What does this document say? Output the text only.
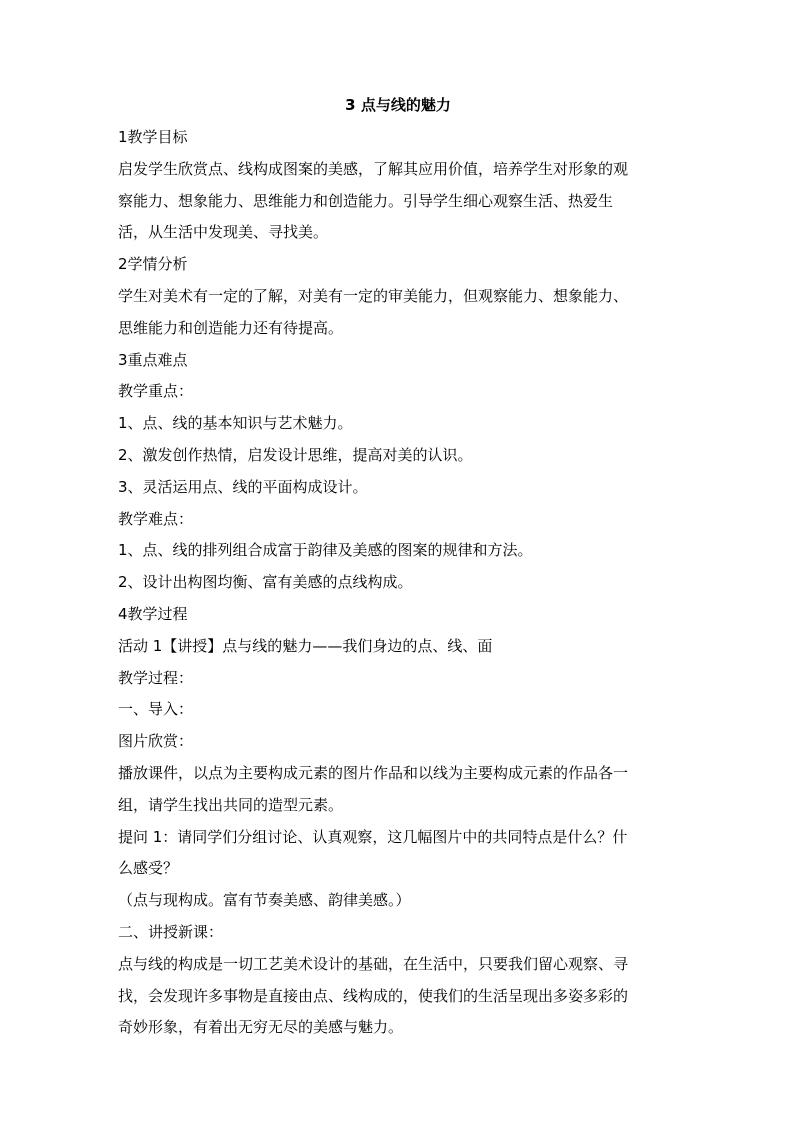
3 点与线的魅力
1教学目标
启发学生欣赏点、线构成图案的美感，了解其应用价值，培养学生对形象的观
察能力、想象能力、思维能力和创造能力。引导学生细心观察生活、热爱生
活，从生活中发现美、寻找美。
2学情分析
学生对美术有一定的了解，对美有一定的审美能力，但观察能力、想象能力、
思维能力和创造能力还有待提高。
3重点难点
教学重点：
1、点、线的基本知识与艺术魅力。
2、激发创作热情，启发设计思维，提高对美的认识。
3、灵活运用点、线的平面构成设计。
教学难点：
1、点、线的排列组合成富于韵律及美感的图案的规律和方法。
2、设计出构图均衡、富有美感的点线构成。
4教学过程
活动 1【讲授】点与线的魅力——我们身边的点、线、面
教学过程：
一、导入：
图片欣赏：
播放课件，以点为主要构成元素的图片作品和以线为主要构成元素的作品各一
组，请学生找出共同的造型元素。
提问 1：请同学们分组讨论、认真观察，这几幅图片中的共同特点是什么？什
么感受？
（点与现构成。富有节奏美感、韵律美感。）
二、讲授新课：
点与线的构成是一切工艺美术设计的基础，在生活中，只要我们留心观察、寻
找，会发现许多事物是直接由点、线构成的，使我们的生活呈现出多姿多彩的
奇妙形象，有着出无穷无尽的美感与魅力。
